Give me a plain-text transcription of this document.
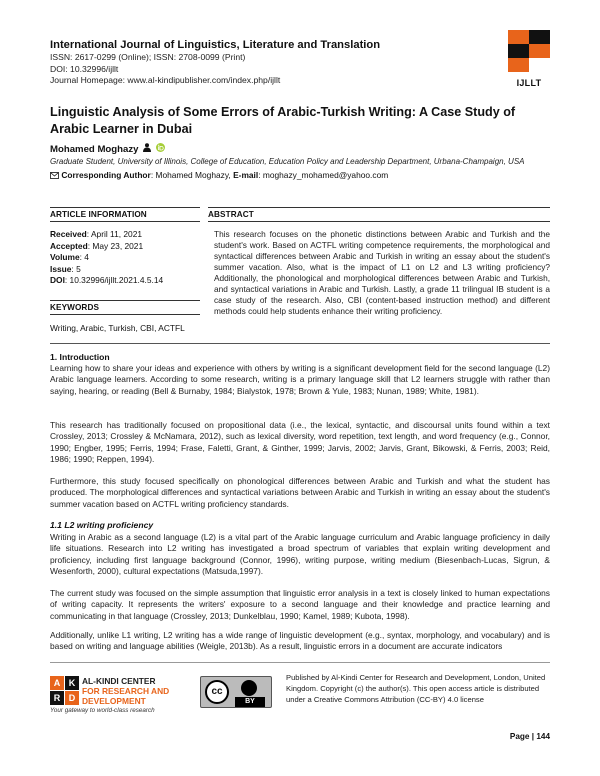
International Journal of Linguistics, Literature and Translation
ISSN: 2617-0299 (Online); ISSN: 2708-0099 (Print)
DOI: 10.32996/ijllt
Journal Homepage: www.al-kindipublisher.com/index.php/ijllt	IJLLT
Linguistic Analysis of Some Errors of Arabic-Turkish Writing: A Case Study of Arabic Learner in Dubai
Mohamed Moghazy
Graduate Student, University of Illinois, College of Education, Education Policy and Leadership Department, Urbana-Champaign, USA
Corresponding Author: Mohamed Moghazy, E-mail: moghazy_mohamed@yahoo.com
ARTICLE INFORMATION	ABSTRACT
Received: April 11, 2021
Accepted: May 23, 2021
Volume: 4
Issue: 5
DOI: 10.32996/ijllt.2021.4.5.14
KEYWORDS
Writing, Arabic, Turkish, CBI, ACTFL
This research focuses on the phonetic distinctions between Arabic and Turkish and the student's work. Based on ACTFL writing competence requirements, the morphological and syntactical differences between Arabic and Turkish in writing an essay about the student's summer vacation. Also, what is the impact of L1 on L2 and L3 writing proficiency? Additionally, the phonological and morphological differences between Arabic and Turkish, and syntactical variations in Arabic and Turkish. Lastly, a grade 11 trilingual IB student is a case study of the research. Also, CBI (content-based instruction method) and different methods could help students enhance their writing proficiency.
1. Introduction
Learning how to share your ideas and experience with others by writing is a significant development field for the second language (L2) Arabic language learners. According to some research, writing is a primary language skill that L2 learners struggle with rather than saying, hearing, or reading (Bell & Burnaby, 1984; Bialystok, 1978; Brown & Yule, 1983; Nunan, 1989; White, 1981).
This research has traditionally focused on propositional data (i.e., the lexical, syntactic, and discoursal units found within a text Crossley, 2013; Crossley & McNamara, 2012), such as lexical diversity, word repetition, text length, and word frequency (e.g., Connor, 1990; Engber, 1995; Ferris, 1994; Frase, Faletti, Grant, & Ginther, 1999; Jarvis, 2002; Jarvis, Grant, Bikowski, & Ferris, 2003; Reid, 1986; 1990; Reppen, 1994).
Furthermore, this study focused specifically on phonological differences between Arabic and Turkish and what the student has produced. The morphological differences and syntactical variations between Arabic and Turkish in writing an essay about the student's summer vacation based on ACTFL writing proficiency standards.
1.1 L2 writing proficiency
Writing in Arabic as a second language (L2) is a vital part of the Arabic language curriculum and Arabic language proficiency in daily life situations. Research into L2 writing has investigated a broad spectrum of variables that explain writing development and proficiency, including first language background (Connor, 1996), writing purpose, writing medium (Biesenbach-Lucas, Sigrun, & Wesenforth, 2000), cultural expectations (Matsuda,1997).
The current study was focused on the simple assumption that linguistic error analysis in a text is closely linked to human expectations of writing capacity. It represents the writers' exposure to a second language and their knowledge and practice learning and communicating in that language (Crossley, 2013; Dunkelblau, 1990; Kamel, 1989; Kubota, 1998).
Additionally, unlike L1 writing, L2 writing has a wide range of linguistic development (e.g., syntax, morphology, and vocabulary) and is based on writing and language abilities (Weigle, 2013b). As a result, linguistic errors in a document are accurate indicators
A K
R D
AL-KINDI CENTER
FOR RESEARCH AND
DEVELOPMENT
Your gateway to world-class research
cc
BY
Published by Al-Kindi Center for Research and Development, London, United Kingdom. Copyright (c) the author(s). This open access article is distributed under a Creative Commons Attribution (CC-BY) 4.0 license
Page | 144
